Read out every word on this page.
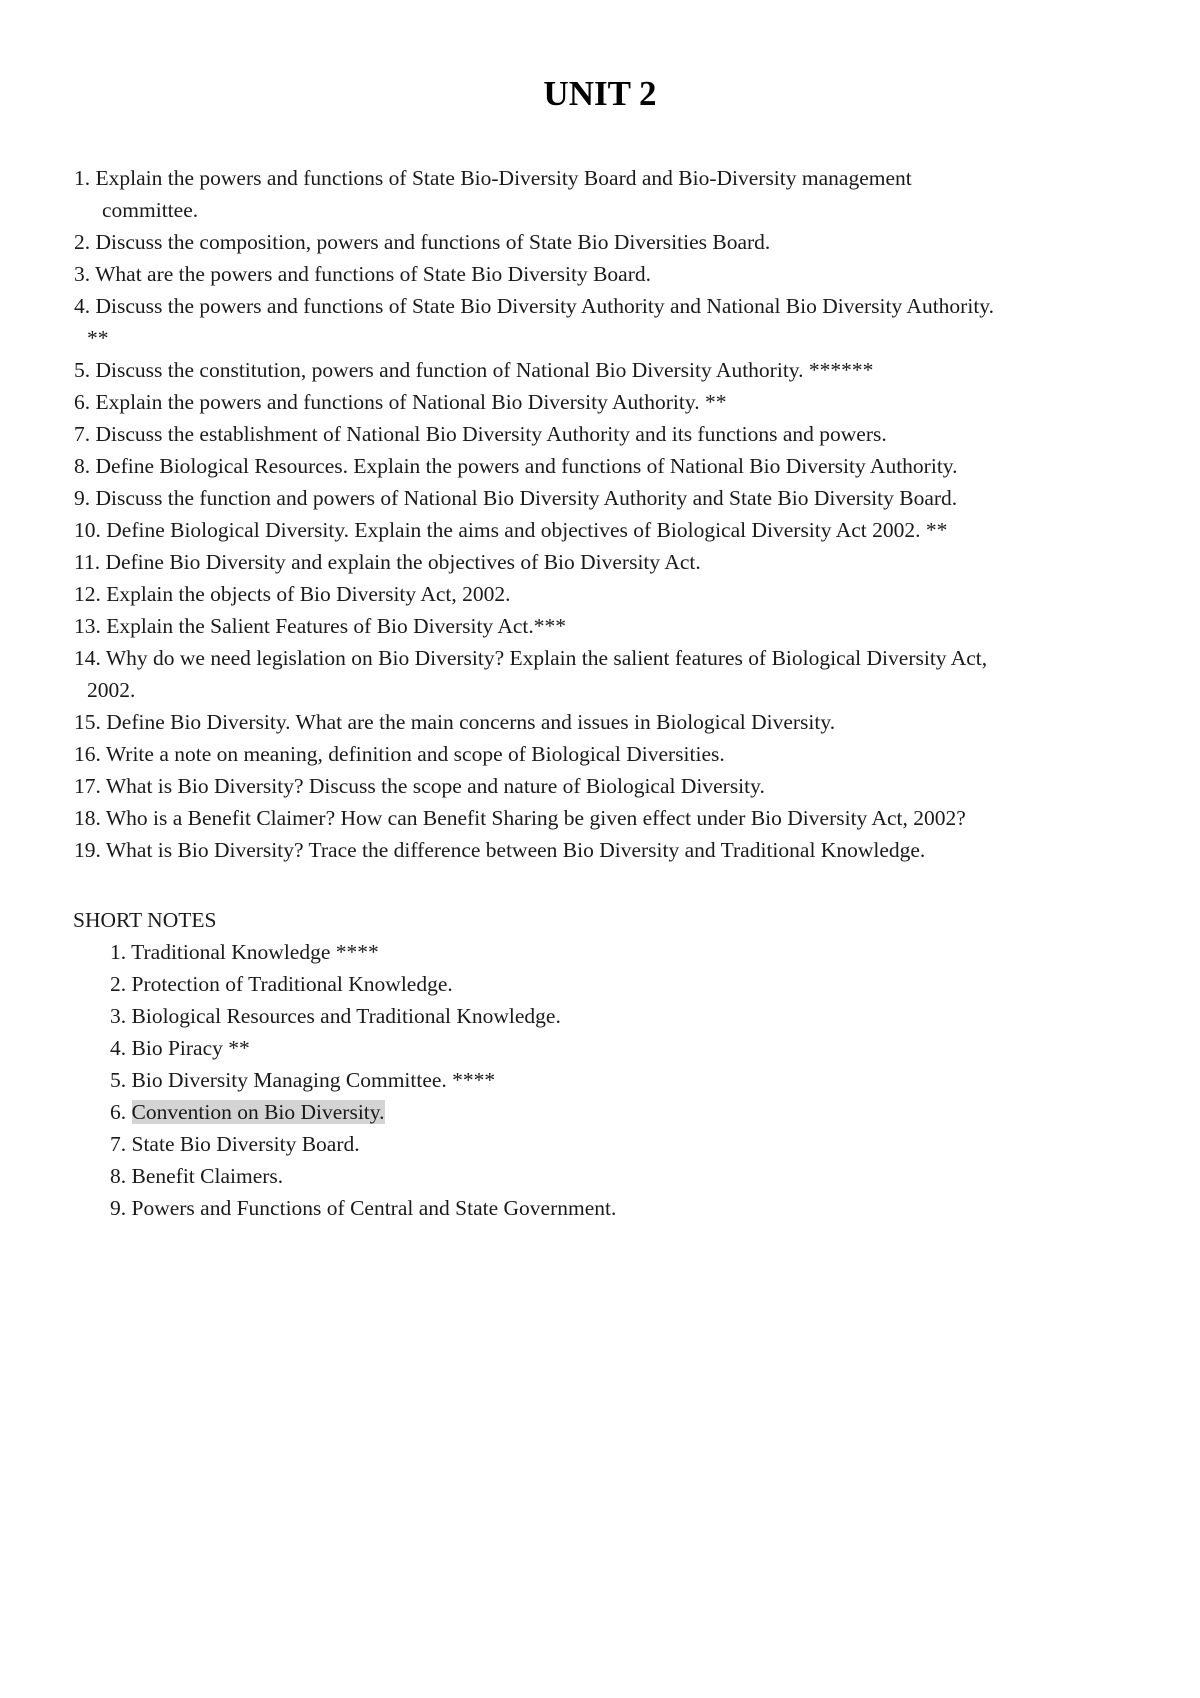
UNIT 2
1. Explain the powers and functions of State Bio-Diversity Board and Bio-Diversity management
committee.
2. Discuss the composition, powers and functions of State Bio Diversities Board.
3. What are the powers and functions of State Bio Diversity Board.
4. Discuss the powers and functions of State Bio Diversity Authority and National Bio Diversity Authority.
**
5. Discuss the constitution, powers and function of National Bio Diversity Authority. ******
6. Explain the powers and functions of National Bio Diversity Authority. **
7. Discuss the establishment of National Bio Diversity Authority and its functions and powers.
8. Define Biological Resources. Explain the powers and functions of National Bio Diversity Authority.
9. Discuss the function and powers of National Bio Diversity Authority and State Bio Diversity Board.
10. Define Biological Diversity. Explain the aims and objectives of Biological Diversity Act 2002. **
11. Define Bio Diversity and explain the objectives of Bio Diversity Act.
12. Explain the objects of Bio Diversity Act, 2002.
13. Explain the Salient Features of Bio Diversity Act.***
14. Why do we need legislation on Bio Diversity? Explain the salient features of Biological Diversity Act,
2002.
15. Define Bio Diversity. What are the main concerns and issues in Biological Diversity.
16. Write a note on meaning, definition and scope of Biological Diversities.
17. What is Bio Diversity? Discuss the scope and nature of Biological Diversity.
18. Who is a Benefit Claimer? How can Benefit Sharing be given effect under Bio Diversity Act, 2002?
19. What is Bio Diversity? Trace the difference between Bio Diversity and Traditional Knowledge.
SHORT NOTES
1. Traditional Knowledge ****
2. Protection of Traditional Knowledge.
3. Biological Resources and Traditional Knowledge.
4. Bio Piracy **
5. Bio Diversity Managing Committee. ****
6. Convention on Bio Diversity.
7. State Bio Diversity Board.
8. Benefit Claimers.
9. Powers and Functions of Central and State Government.
